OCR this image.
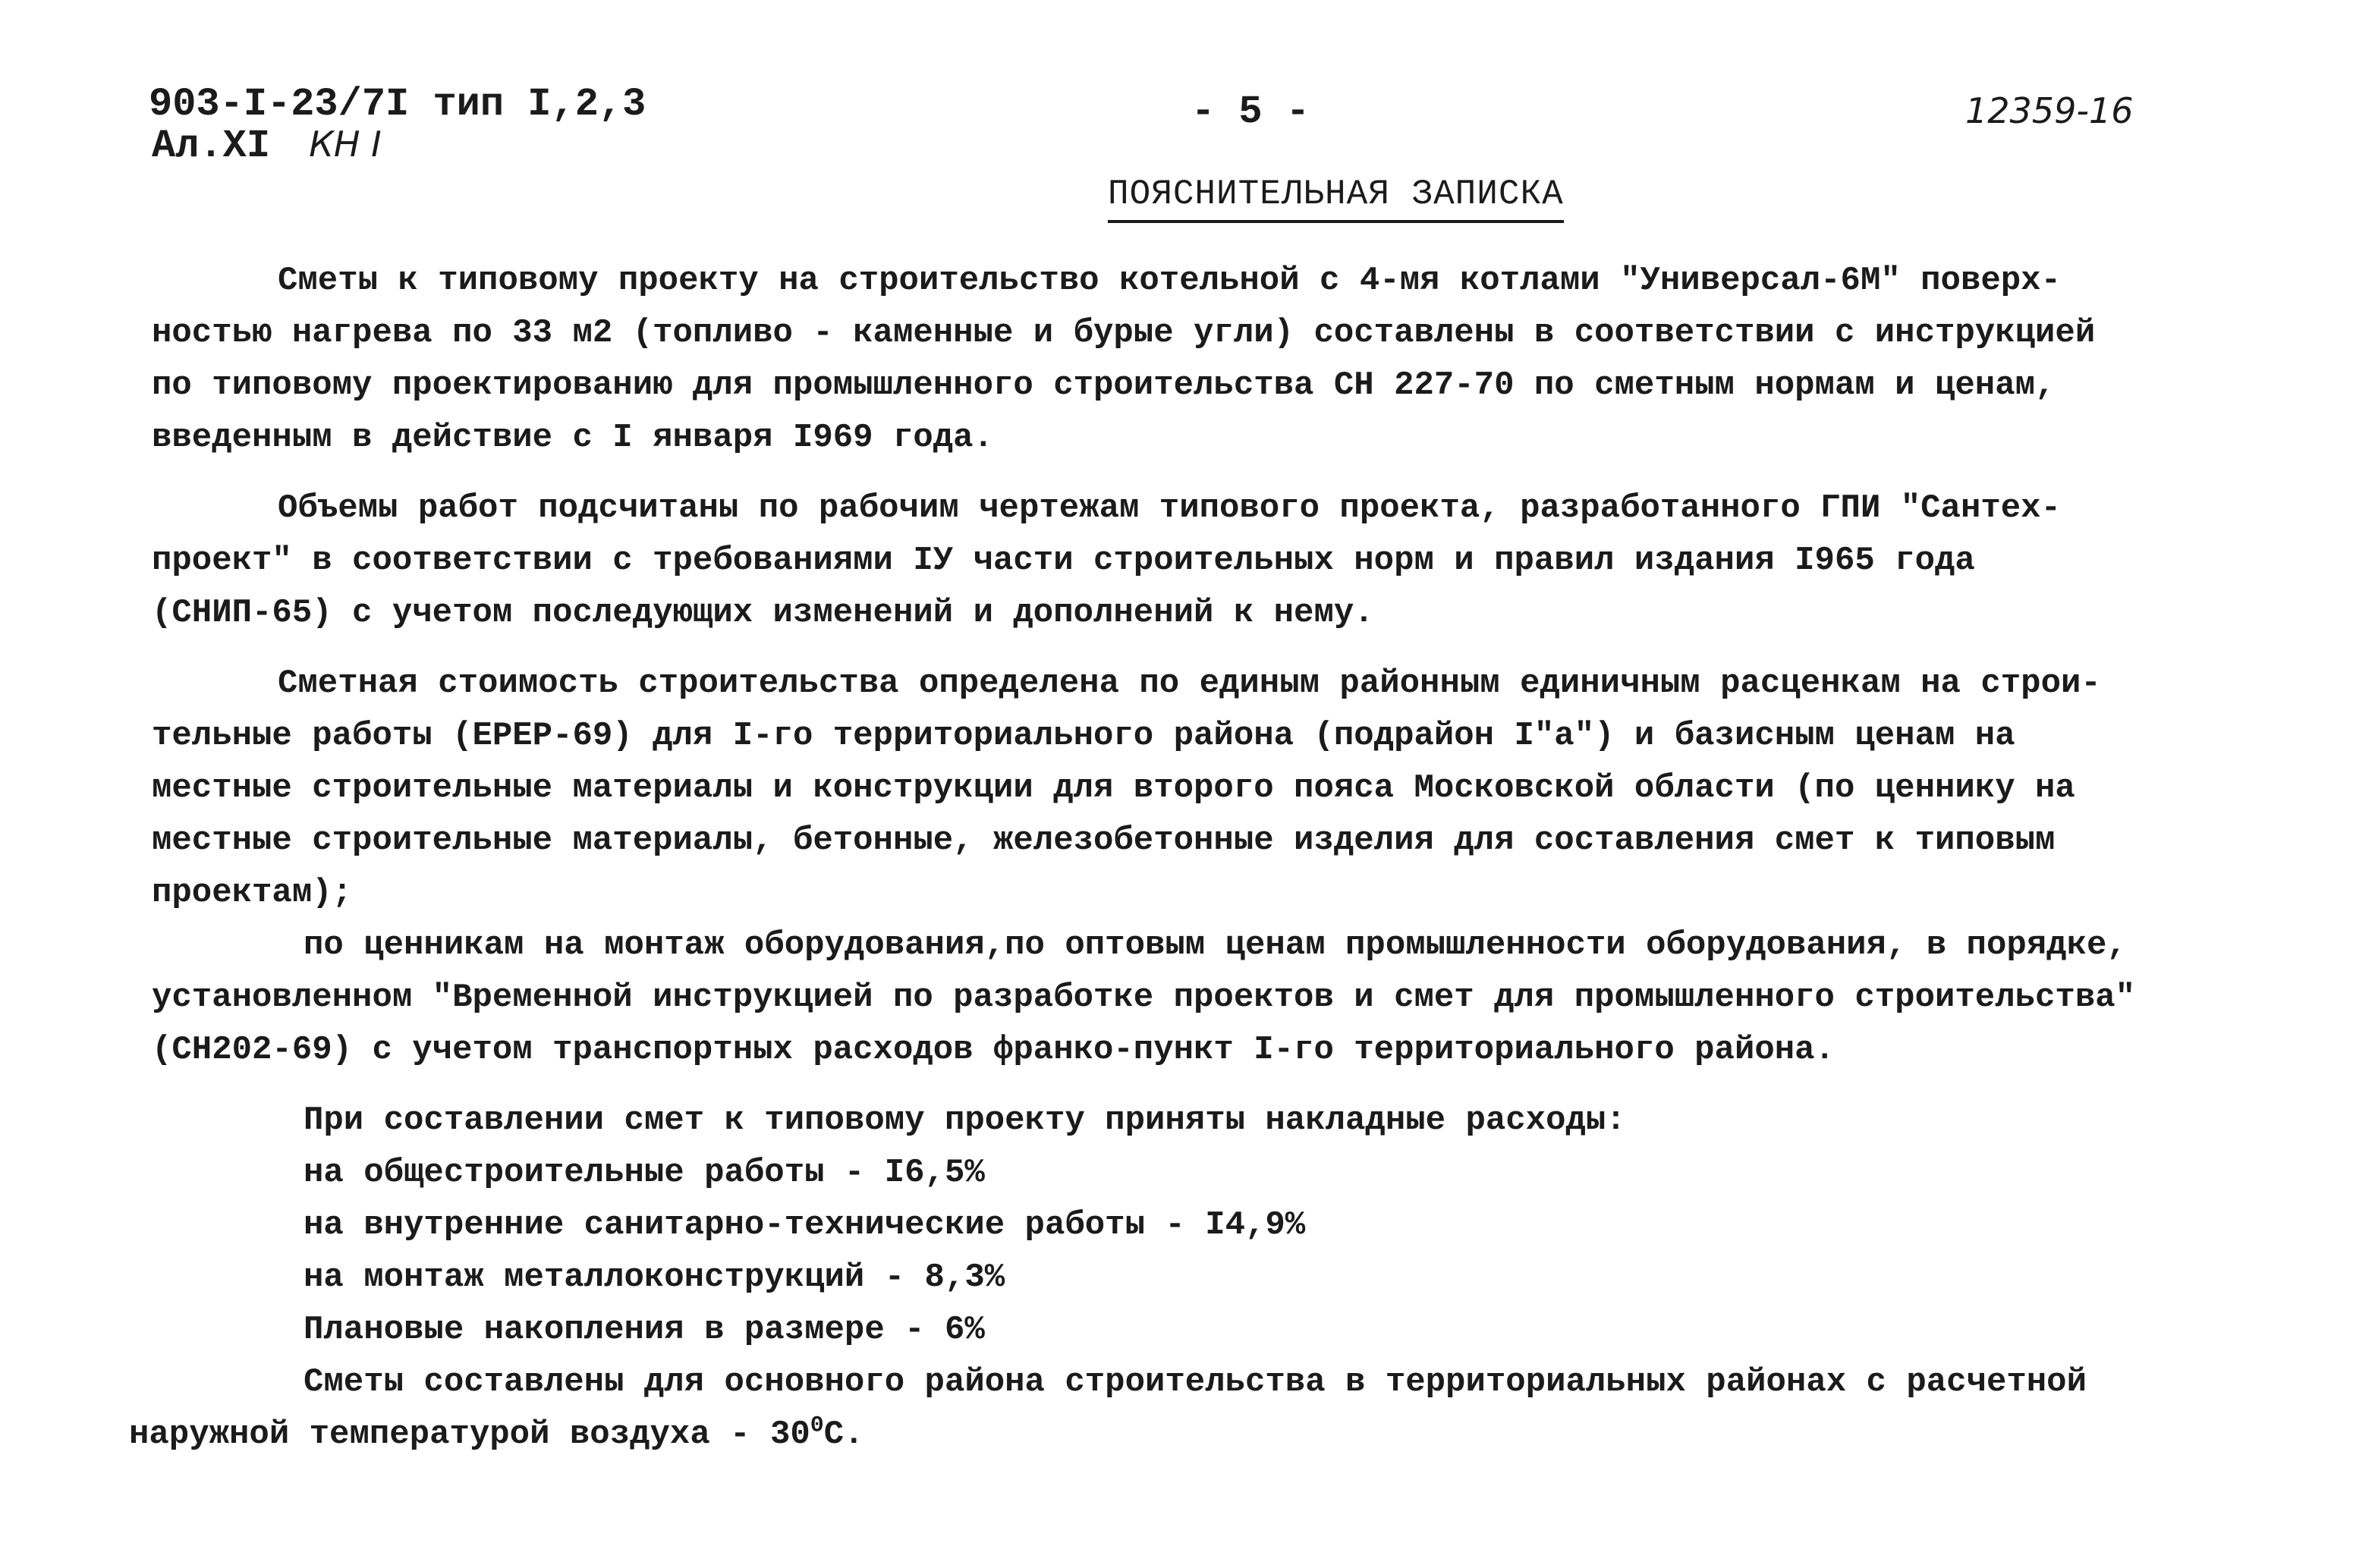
903-I-23/7I тип I,2,3
Ал.XI КН I
- 5 -	12359-16
ПОЯСНИТЕЛЬНАЯ ЗАПИСКА
Сметы к типовому проекту на строительство котельной с 4-мя котлами "Универсал-6М" поверх-
ностью нагрева по 33 м2 (топливо - каменные и бурые угли) составлены в соответствии с инструкцией
по типовому проектированию для промышленного строительства СН 227-70 по сметным нормам и ценам,
введенным в действие с I января I969 года.
Объемы работ подсчитаны по рабочим чертежам типового проекта, разработанного ГПИ "Сантех-
проект" в соответствии с требованиями IУ части строительных норм и правил издания I965 года
(СНИП-65) с учетом последующих изменений и дополнений к нему.
Сметная стоимость строительства определена по единым районным единичным расценкам на строи-
тельные работы (ЕРЕР-69) для I-го территориального района (подрайон I"а") и базисным ценам на
местные строительные материалы и конструкции для второго пояса Московской области (по ценнику на
местные строительные материалы, бетонные, железобетонные изделия для составления смет к типовым
проектам);
по ценникам на монтаж оборудования,по оптовым ценам промышленности оборудования, в порядке,
установленном "Временной инструкцией по разработке проектов и смет для промышленного строительства"
(СН202-69) с учетом транспортных расходов франко-пункт I-го территориального района.
При составлении смет к типовому проекту приняты накладные расходы:
на общестроительные работы - I6,5%
на внутренние санитарно-технические работы - I4,9%
на монтаж металлоконструкций - 8,3%
Плановые накопления в размере - 6%
Сметы составлены для основного района строительства в территориальных районах с расчетной
наружной температурой воздуха - $30^0С$.
